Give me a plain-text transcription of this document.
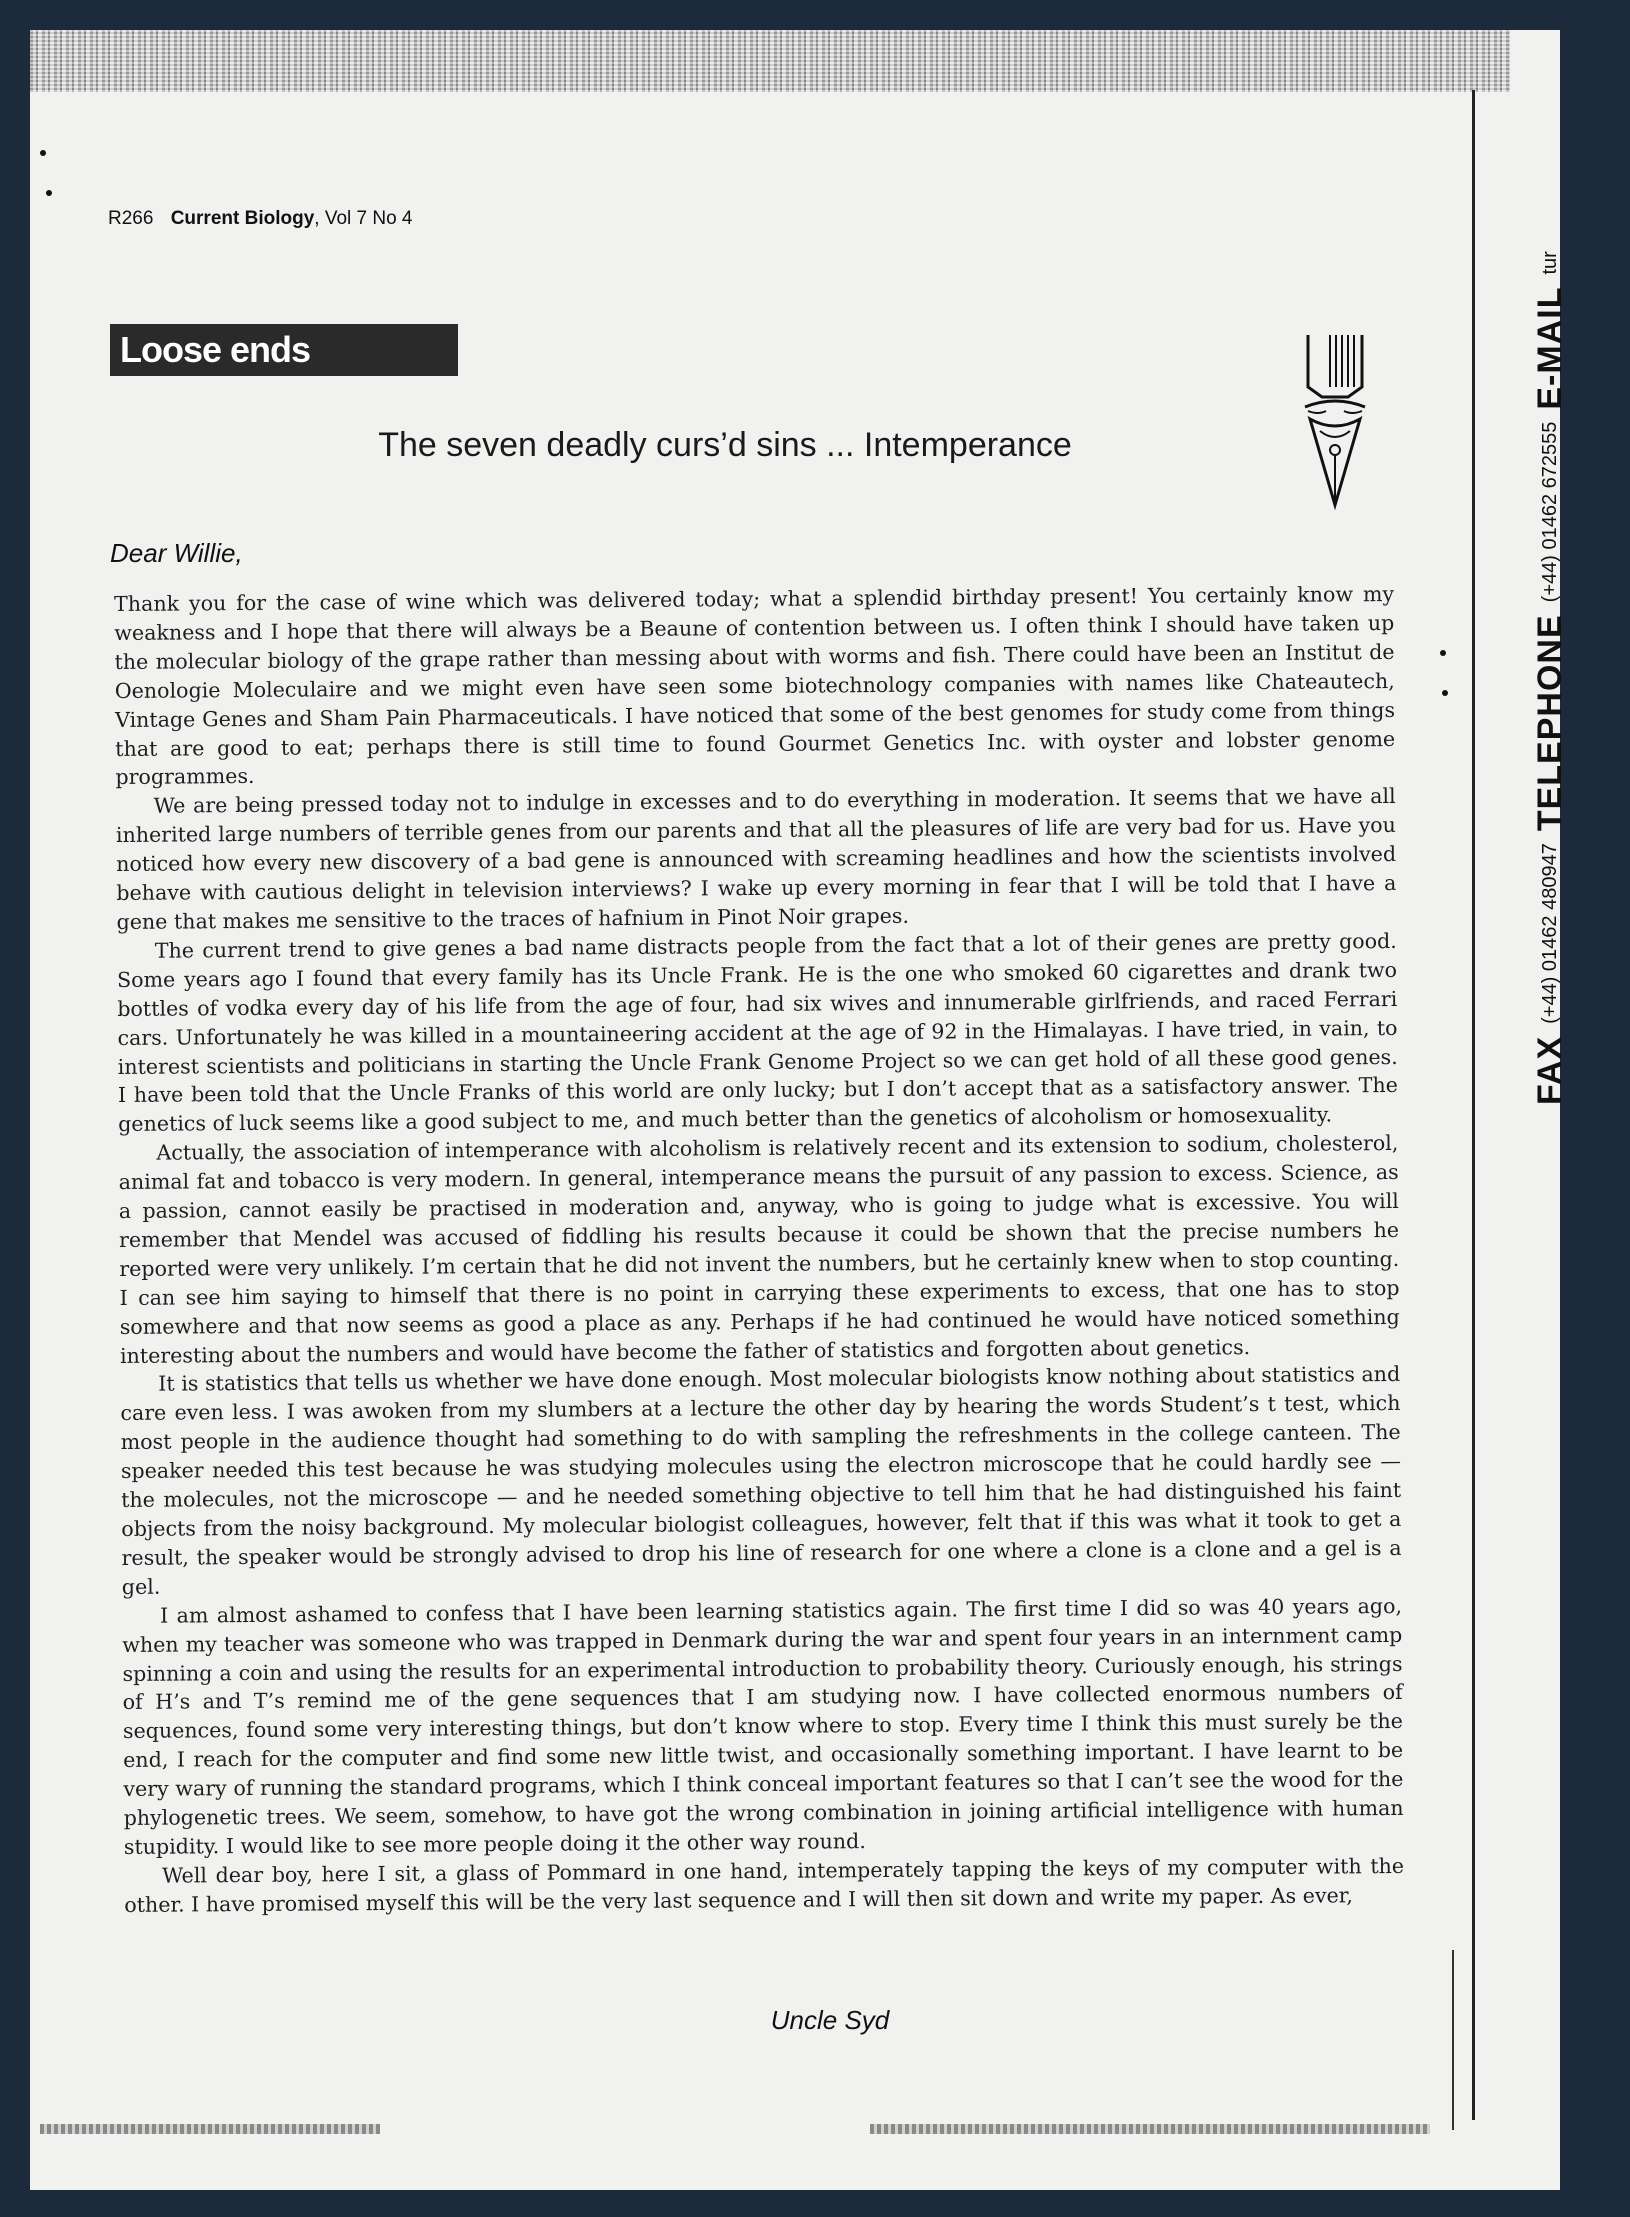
R266 Current Biology, Vol 7 No 4
Loose ends
The seven deadly curs’d sins ... Intemperance
Dear Willie,

Thank you for the case of wine which was delivered today; what a splendid birthday present! You certainly know my weakness and I hope that there will always be a Beaune of contention between us. I often think I should have taken up the molecular biology of the grape rather than messing about with worms and fish. There could have been an Institut de Oenologie Moleculaire and we might even have seen some biotechnology companies with names like Chateautech, Vintage Genes and Sham Pain Pharmaceuticals. I have noticed that some of the best genomes for study come from things that are good to eat; perhaps there is still time to found Gourmet Genetics Inc. with oyster and lobster genome programmes.

We are being pressed today not to indulge in excesses and to do everything in moderation. It seems that we have all inherited large numbers of terrible genes from our parents and that all the pleasures of life are very bad for us. Have you noticed how every new discovery of a bad gene is announced with screaming headlines and how the scientists involved behave with cautious delight in television interviews? I wake up every morning in fear that I will be told that I have a gene that makes me sensitive to the traces of hafnium in Pinot Noir grapes.

The current trend to give genes a bad name distracts people from the fact that a lot of their genes are pretty good. Some years ago I found that every family has its Uncle Frank. He is the one who smoked 60 cigarettes and drank two bottles of vodka every day of his life from the age of four, had six wives and innumerable girlfriends, and raced Ferrari cars. Unfortunately he was killed in a mountaineering accident at the age of 92 in the Himalayas. I have tried, in vain, to interest scientists and politicians in starting the Uncle Frank Genome Project so we can get hold of all these good genes. I have been told that the Uncle Franks of this world are only lucky; but I don’t accept that as a satisfactory answer. The genetics of luck seems like a good subject to me, and much better than the genetics of alcoholism or homosexuality.

Actually, the association of intemperance with alcoholism is relatively recent and its extension to sodium, cholesterol, animal fat and tobacco is very modern. In general, intemperance means the pursuit of any passion to excess. Science, as a passion, cannot easily be practised in moderation and, anyway, who is going to judge what is excessive. You will remember that Mendel was accused of fiddling his results because it could be shown that the precise numbers he reported were very unlikely. I’m certain that he did not invent the numbers, but he certainly knew when to stop counting. I can see him saying to himself that there is no point in carrying these experiments to excess, that one has to stop somewhere and that now seems as good a place as any. Perhaps if he had continued he would have noticed something interesting about the numbers and would have become the father of statistics and forgotten about genetics.

It is statistics that tells us whether we have done enough. Most molecular biologists know nothing about statistics and care even less. I was awoken from my slumbers at a lecture the other day by hearing the words Student’s t test, which most people in the audience thought had something to do with sampling the refreshments in the college canteen. The speaker needed this test because he was studying molecules using the electron microscope that he could hardly see — the molecules, not the microscope — and he needed something objective to tell him that he had distinguished his faint objects from the noisy background. My molecular biologist colleagues, however, felt that if this was what it took to get a result, the speaker would be strongly advised to drop his line of research for one where a clone is a clone and a gel is a gel.

I am almost ashamed to confess that I have been learning statistics again. The first time I did so was 40 years ago, when my teacher was someone who was trapped in Denmark during the war and spent four years in an internment camp spinning a coin and using the results for an experimental introduction to probability theory. Curiously enough, his strings of H’s and T’s remind me of the gene sequences that I am studying now. I have collected enormous numbers of sequences, found some very interesting things, but don’t know where to stop. Every time I think this must surely be the end, I reach for the computer and find some new little twist, and occasionally something important. I have learnt to be very wary of running the standard programs, which I think conceal important features so that I can’t see the wood for the phylogenetic trees. We seem, somehow, to have got the wrong combination in joining artificial intelligence with human stupidity. I would like to see more people doing it the other way round.

Well dear boy, here I sit, a glass of Pommard in one hand, intemperately tapping the keys of my computer with the other. I have promised myself this will be the very last sequence and I will then sit down and write my paper. As ever,

Uncle Syd
FAX
(+44) 01462 480947
TELEPHONE
(+44) 01462 672555
E-MAIL
tur
